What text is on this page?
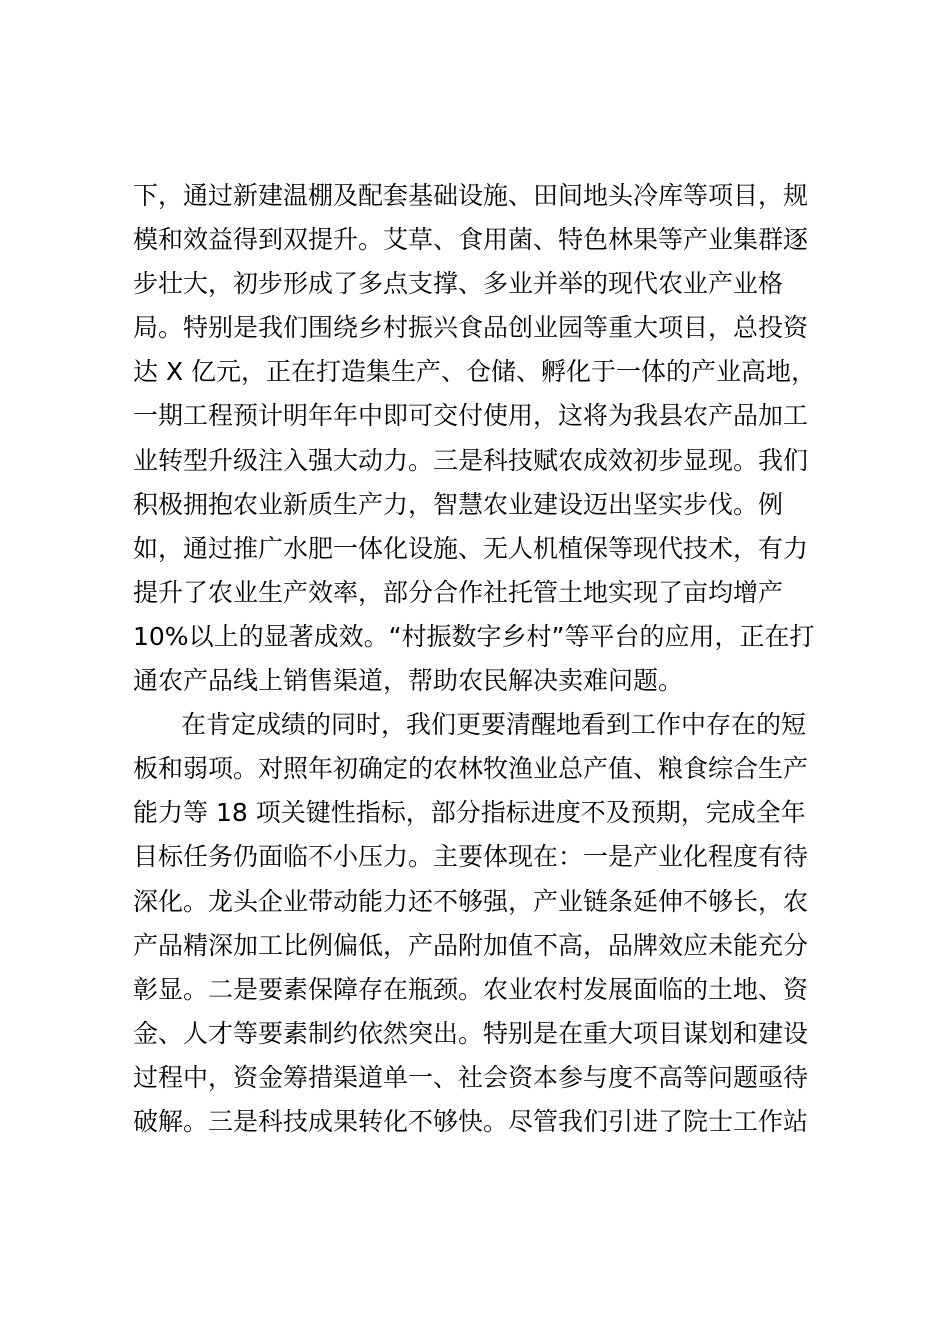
下，通过新建温棚及配套基础设施、田间地头冷库等项目，规
模和效益得到双提升。艾草、食用菌、特色林果等产业集群逐
步壮大，初步形成了多点支撑、多业并举的现代农业产业格
局。特别是我们围绕乡村振兴食品创业园等重大项目，总投资
达 X 亿元，正在打造集生产、仓储、孵化于一体的产业高地，
一期工程预计明年年中即可交付使用，这将为我县农产品加工
业转型升级注入强大动力。三是科技赋农成效初步显现。我们
积极拥抱农业新质生产力，智慧农业建设迈出坚实步伐。例
如，通过推广水肥一体化设施、无人机植保等现代技术，有力
提升了农业生产效率，部分合作社托管土地实现了亩均增产
10%以上的显著成效。“村振数字乡村”等平台的应用，正在打
通农产品线上销售渠道，帮助农民解决卖难问题。
在肯定成绩的同时，我们更要清醒地看到工作中存在的短
板和弱项。对照年初确定的农林牧渔业总产值、粮食综合生产
能力等 18 项关键性指标，部分指标进度不及预期，完成全年
目标任务仍面临不小压力。主要体现在：一是产业化程度有待
深化。龙头企业带动能力还不够强，产业链条延伸不够长，农
产品精深加工比例偏低，产品附加值不高，品牌效应未能充分
彰显。二是要素保障存在瓶颈。农业农村发展面临的土地、资
金、人才等要素制约依然突出。特别是在重大项目谋划和建设
过程中，资金筹措渠道单一、社会资本参与度不高等问题亟待
破解。三是科技成果转化不够快。尽管我们引进了院士工作站
